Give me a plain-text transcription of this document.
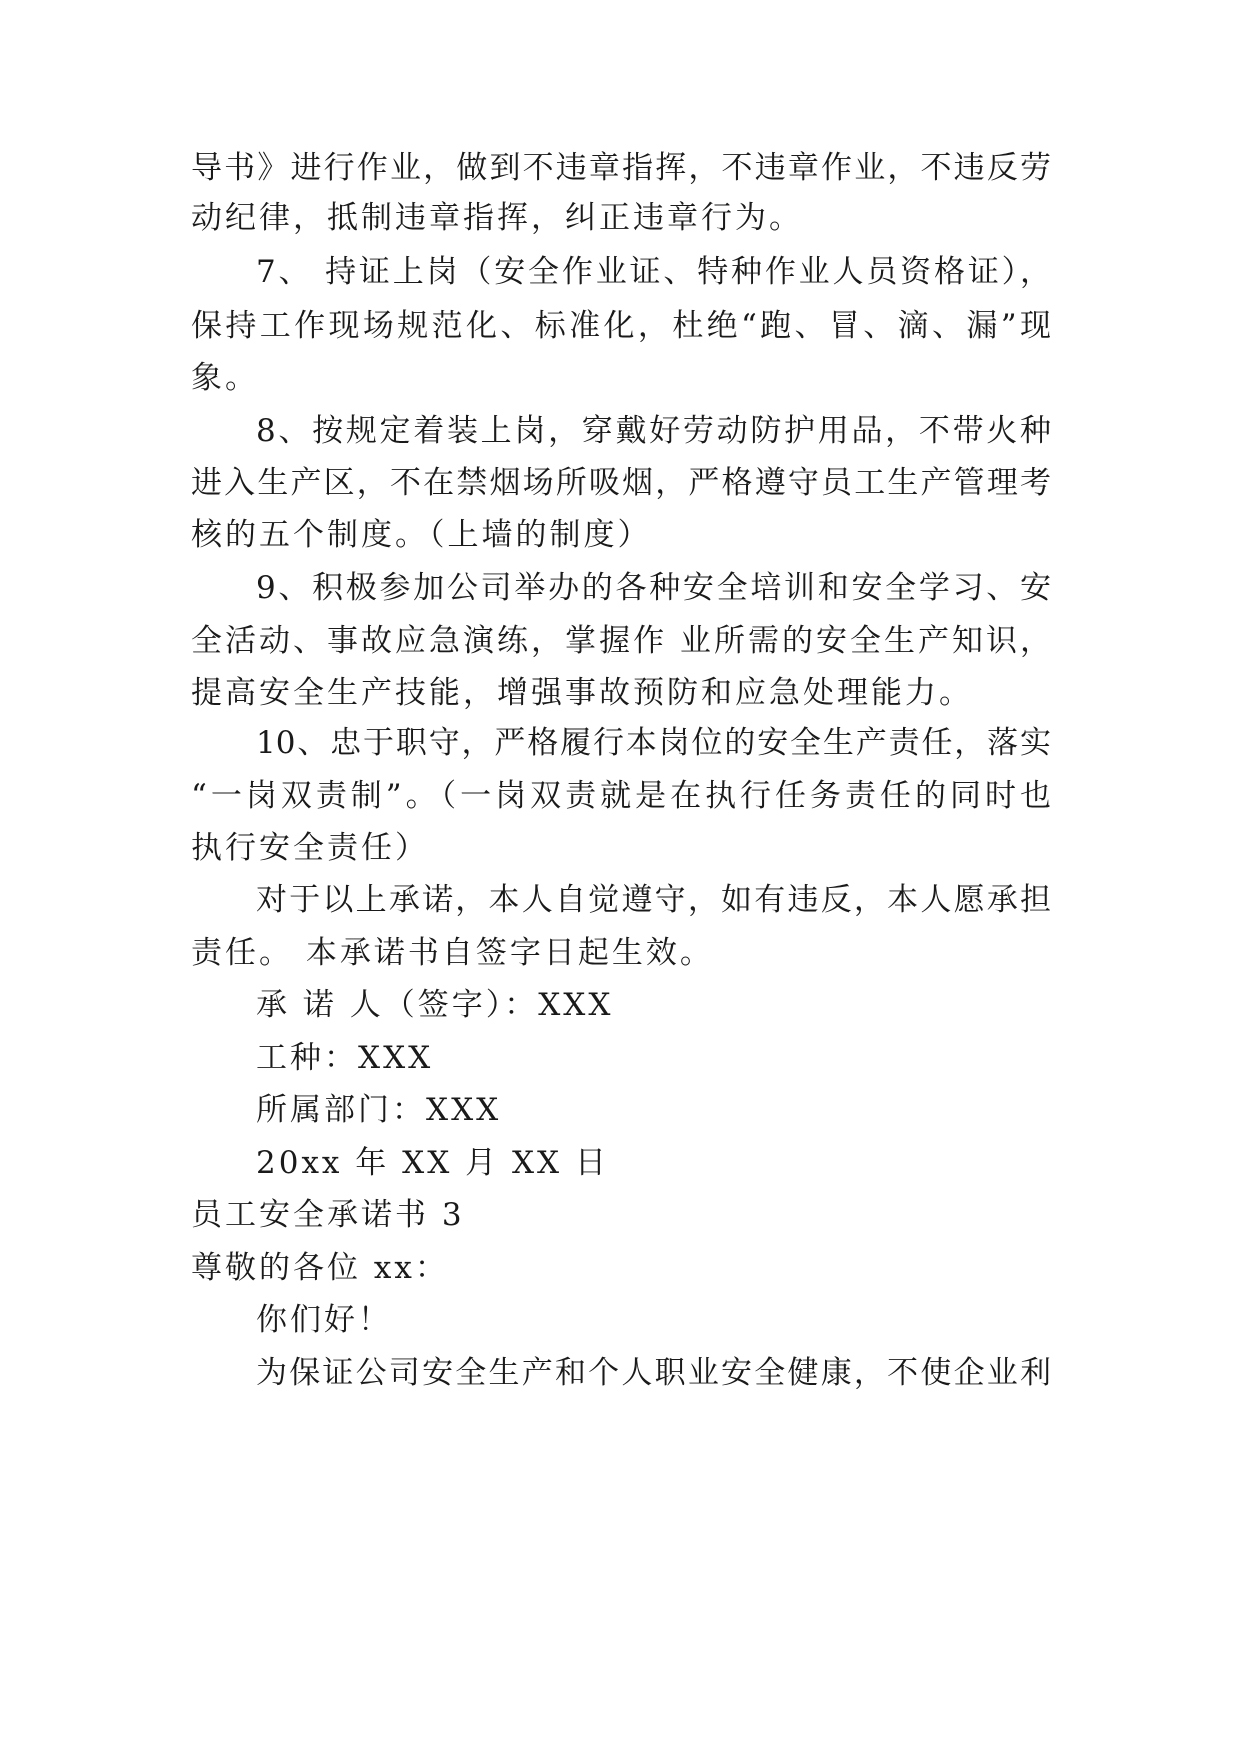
导书》进行作业，做到不违章指挥，不违章作业，不违反劳
动纪律，抵制违章指挥，纠正违章行为。
7、 持证上岗（安全作业证、特种作业人员资格证），
保持工作现场规范化、标准化，杜绝“跑、冒、滴、漏”现
象。
8、按规定着装上岗，穿戴好劳动防护用品，不带火种
进入生产区，不在禁烟场所吸烟，严格遵守员工生产管理考
核的五个制度。（上墙的制度）
9、积极参加公司举办的各种安全培训和安全学习、安
全活动、事故应急演练，掌握作 业所需的安全生产知识，
提高安全生产技能，增强事故预防和应急处理能力。
10、忠于职守，严格履行本岗位的安全生产责任，落实
“一岗双责制”。（一岗双责就是在执行任务责任的同时也
执行安全责任）
对于以上承诺，本人自觉遵守，如有违反，本人愿承担
责任。 本承诺书自签字日起生效。
承 诺 人（签字）：XXX
工种：XXX
所属部门：XXX
20xx 年 XX 月 XX 日
员工安全承诺书 3
尊敬的各位 xx：
你们好！
为保证公司安全生产和个人职业安全健康，不使企业利
